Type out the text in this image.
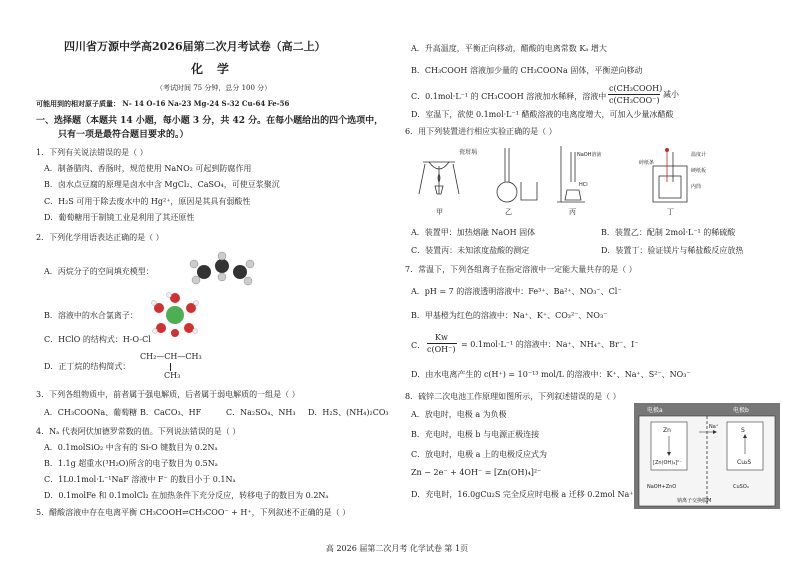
四川省万源中学高2026届第二次月考试卷（高二上）
化学
（考试时间 75 分钟，总分 100 分）
可能用到的相对原子质量： N- 14 O-16 Na-23 Mg-24 S-32 Cu-64 Fe-56
一、选择题（本题共 14 小题，每小题 3 分，共 42 分。在每小题给出的四个选项中，
只有一项是最符合题目要求的。）
1．下列有关说法错误的是（ ）
A．制备腊肉、香肠时，规范使用 NaNO₂ 可起到防腐作用
B．卤水点豆腐的原理是卤水中含 MgCl₂、CaSO₄，可使豆浆聚沉
C．H₂S 可用于除去废水中的 Hg²⁺，原因是其具有弱酸性
D．葡萄糖用于制镜工业是利用了其还原性
2．下列化学用语表达正确的是（ ）
A．丙烷分子的空间填充模型：
B．溶液中的水合氯离子：
C．HClO 的结构式：H-O-Cl
D．正丁烷的结构简式：
CH₂—CH—CH₃
CH₃
3．下列各组物质中，前者属于强电解质，后者属于弱电解质的一组是（ ）
A．CH₃COONa、葡萄糖 B．CaCO₃、HF	C．Na₂SO₄、NH₃ D．H₂S、(NH₄)₂CO₃
4．Nₐ 代表阿伏加德罗常数的值。下列说法错误的是（ ）
A．0.1molSiO₂ 中含有的 Si-O 键数目为 0.2Nₐ
B．1.1g 超重水(³H₂O)所含的电子数目为 0.5Nₐ
C．1L0.1mol·L⁻¹NaF 溶液中 F⁻ 的数目小于 0.1Nₐ
D．0.1molFe 和 0.1molCl₂ 在加热条件下充分反应，转移电子的数目为 0.2Nₐ
5．醋酸溶液中存在电离平衡 CH₃COOH⇌CH₃COO⁻ + H⁺，下列叙述不正确的是（ ）
A．升高温度，平衡正向移动，醋酸的电离常数 Kₐ 增大
B．CH₃COOH 溶液加少量的 CH₃COONa 固体，平衡逆向移动
C．0.1mol·L⁻¹ 的 CH₃COOH 溶液加水稀释，溶液中
c(CH₃COOH)
c(CH₃COO⁻)
减小
D．室温下，欲使 0.1mol·L⁻¹ 醋酸溶液的电离度增大，可加入少量冰醋酸
6．用下列装置进行相应实验正确的是（ ）
瓷坩埚
甲	乙
NaOH溶液
HCl
丙
温度计
碎纸条
硬纸板
内筒
丁
A．装置甲：加热熔融 NaOH 固体	B．装置乙：配制 2mol·L⁻¹ 的稀硫酸
C．装置丙：未知浓度盐酸的测定	D．装置丁：验证镁片与稀盐酸反应放热
7．常温下，下列各组离子在指定溶液中一定能大量共存的是（ ）
A．pH = 7 的溶液透明溶液中：Fe³⁺、Ba²⁺、NO₃⁻、Cl⁻
B．甲基橙为红色的溶液中：Na⁺、K⁺、CO₃²⁻、NO₃⁻
C．
Kw
c(OH⁻)
= 0.1mol·L⁻¹ 的溶液中：Na⁺、NH₄⁺、Br⁻、I⁻
D．由水电离产生的 c(H⁺) = 10⁻¹³ mol/L 的溶液中：K⁺、Na⁺、S²⁻、NO₃⁻
8．硫锌二次电池工作原理如图所示，下列叙述错误的是（ ）
A．放电时，电极 a 为负极
B．充电时，电极 b 与电源正极连接
C．放电时，电极 a 上的电极反应式为
Zn − 2e⁻ + 4OH⁻ = [Zn(OH)₄]²⁻
D．充电时，16.0gCu₂S 完全反应时电极 a 迁移 0.2mol Na⁺
电极a	电极b
Zn
[Zn(OH)₄]²⁻
S
Cu₂S
NaOH+ZnO	CuSO₄
钠离子交换膜M
Na⁺
高 2026 届第二次月考 化学试卷 第 1页
